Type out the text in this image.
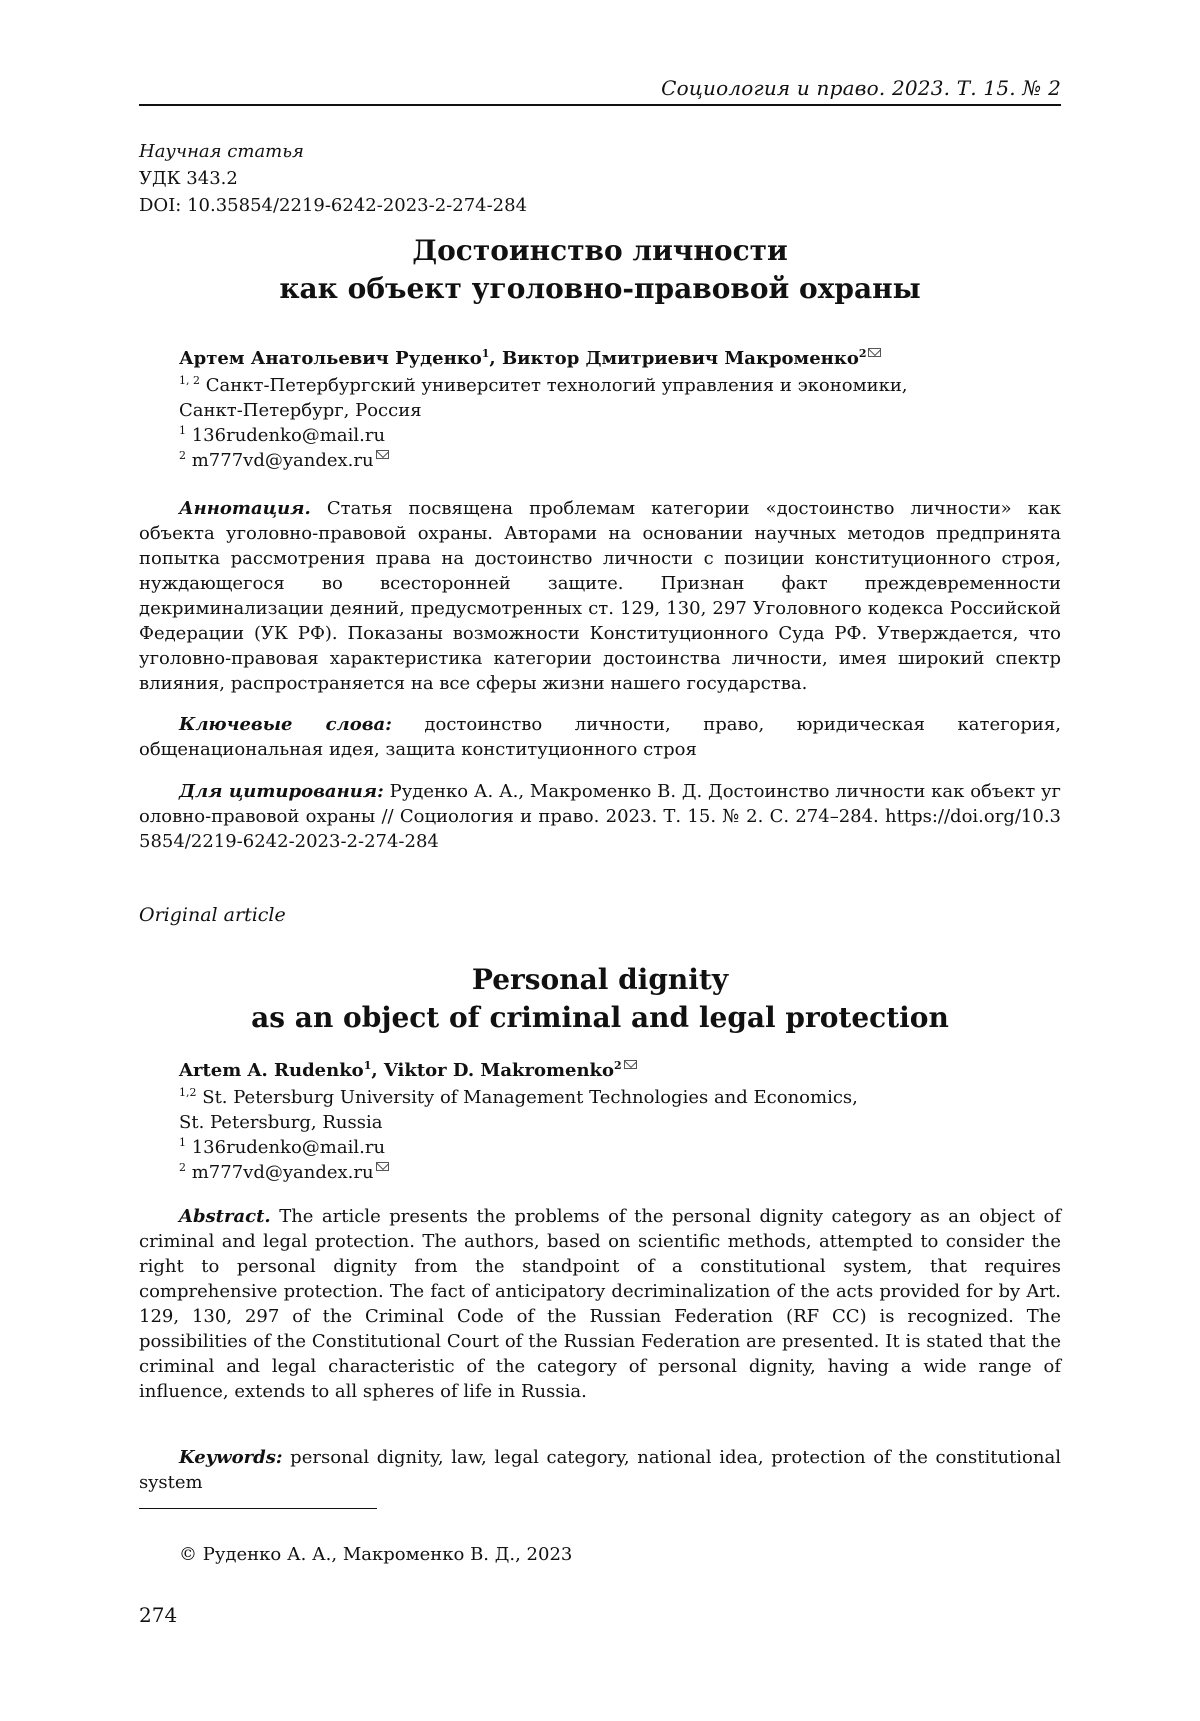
Социология и право. 2023. Т. 15. № 2
Научная статья
УДК 343.2
DOI: 10.35854/2219-6242-2023-2-274-284
Достоинство личности
как объект уголовно-правовой охраны
Артем Анатольевич Руденко1, Виктор Дмитриевич Макроменко2
1, 2 Санкт-Петербургский университет технологий управления и экономики,
Санкт-Петербург, Россия
1 136rudenko@mail.ru
2 m777vd@yandex.ru
Аннотация. Статья посвящена проблемам категории «достоинство личности» как объекта уголовно-правовой охраны. Авторами на основании научных методов предпринята попытка рассмотрения права на достоинство личности с позиции конституционного строя, нуждающегося во всесторонней защите. Признан факт преждевременности декриминализации деяний, предусмотренных ст. 129, 130, 297 Уголовного кодекса Российской Федерации (УК РФ). Показаны возможности Конституционного Суда РФ. Утверждается, что уголовно-правовая характеристика категории достоинства личности, имея широкий спектр влияния, распространяется на все сферы жизни нашего государства.
Ключевые слова: достоинство личности, право, юридическая категория, общенациональная идея, защита конституционного строя
Для цитирования: Руденко А. А., Макроменко В. Д. Достоинство личности как объект уголовно-правовой охраны // Социология и право. 2023. Т. 15. № 2. С. 274–284. https://doi.org/10.35854/2219-6242-2023-2-274-284
Original article
Personal dignity
as an object of criminal and legal protection
Artem A. Rudenko1, Viktor D. Makromenko2
1,2 St. Petersburg University of Management Technologies and Economics,
St. Petersburg, Russia
1 136rudenko@mail.ru
2 m777vd@yandex.ru
Abstract. The article presents the problems of the personal dignity category as an object of criminal and legal protection. The authors, based on scientific methods, attempted to consider the right to personal dignity from the standpoint of a constitutional system, that requires comprehensive protection. The fact of anticipatory decriminalization of the acts provided for by Art. 129, 130, 297 of the Criminal Code of the Russian Federation (RF CC) is recognized. The possibilities of the Constitutional Court of the Russian Federation are presented. It is stated that the criminal and legal characteristic of the category of personal dignity, having a wide range of influence, extends to all spheres of life in Russia.
Keywords: personal dignity, law, legal category, national idea, protection of the constitutional system
© Руденко А. А., Макроменко В. Д., 2023
274
